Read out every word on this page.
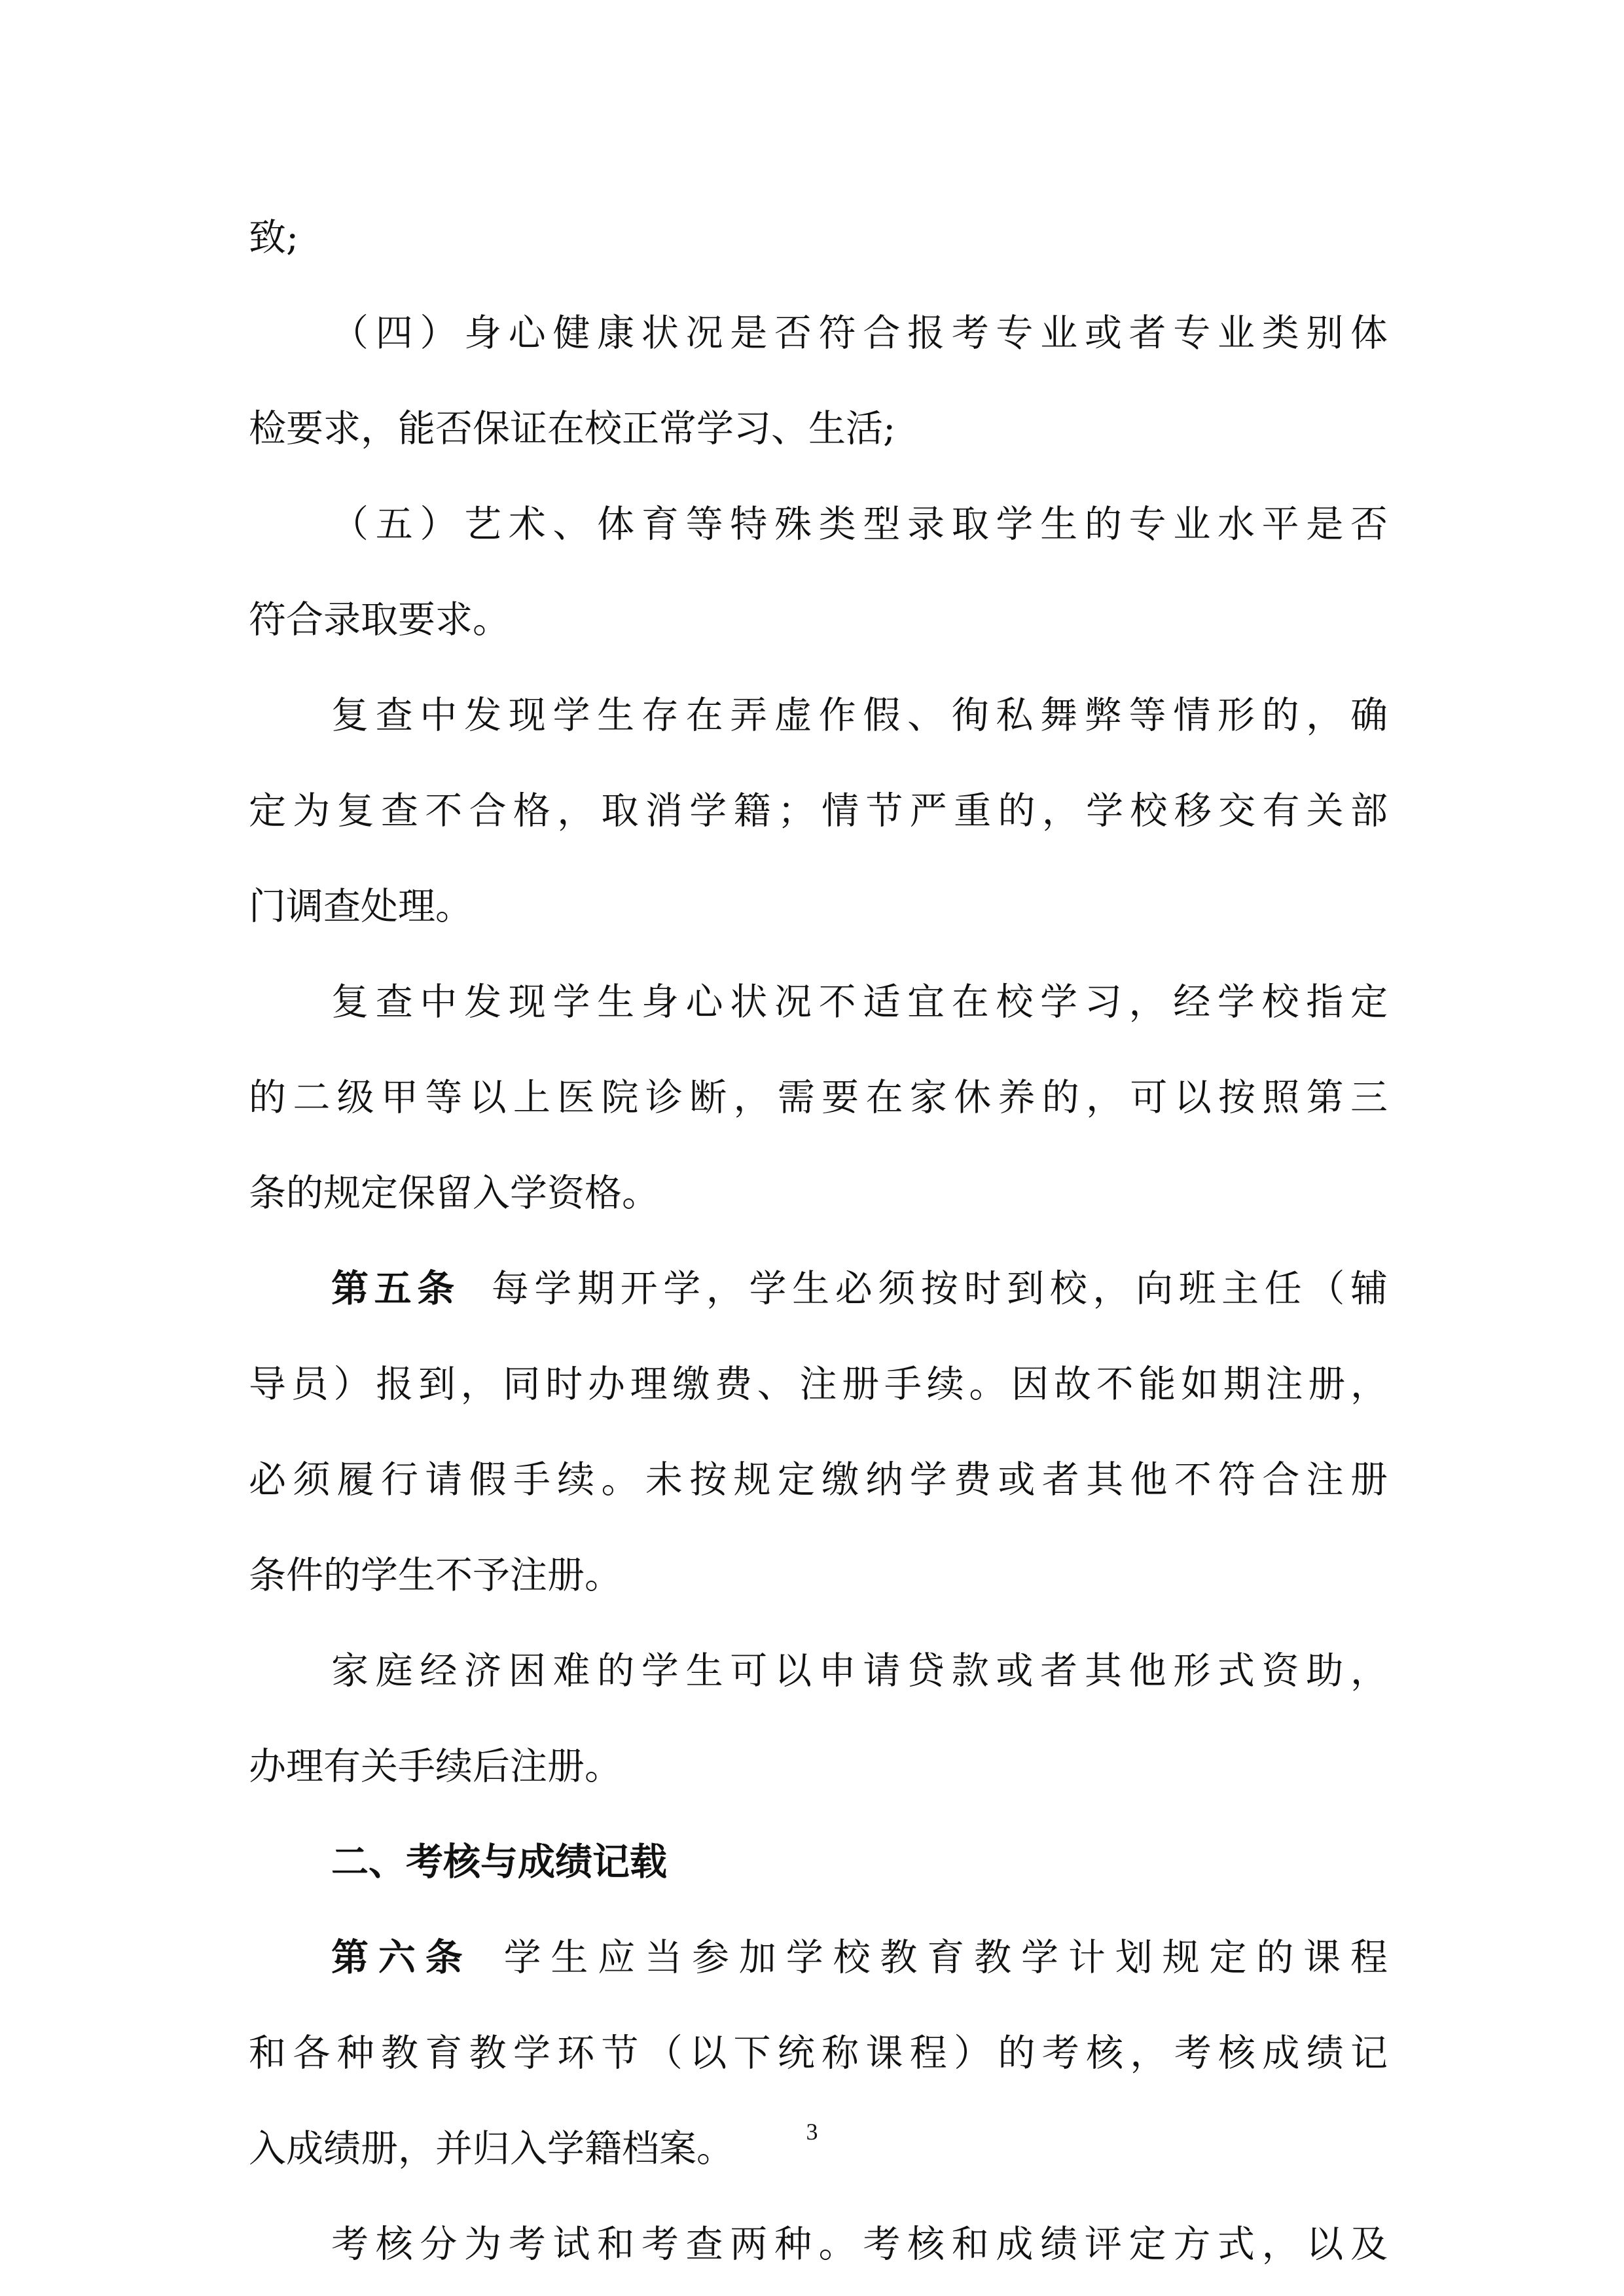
致;
（四）身心健康状况是否符合报考专业或者专业类别体
检要求，能否保证在校正常学习、生活;
（五）艺术、体育等特殊类型录取学生的专业水平是否
符合录取要求。
复查中发现学生存在弄虚作假、徇私舞弊等情形的，确
定为复查不合格，取消学籍；情节严重的，学校移交有关部
门调查处理。
复查中发现学生身心状况不适宜在校学习，经学校指定
的二级甲等以上医院诊断，需要在家休养的，可以按照第三
条的规定保留入学资格。
第五条 每学期开学，学生必须按时到校，向班主任（辅
导员）报到，同时办理缴费、注册手续。因故不能如期注册，
必须履行请假手续。未按规定缴纳学费或者其他不符合注册
条件的学生不予注册。
家庭经济困难的学生可以申请贷款或者其他形式资助，
办理有关手续后注册。
二、考核与成绩记载
第六条 学生应当参加学校教育教学计划规定的课程
和各种教育教学环节（以下统称课程）的考核，考核成绩记
入成绩册，并归入学籍档案。
考核分为考试和考查两种。考核和成绩评定方式，以及
3
